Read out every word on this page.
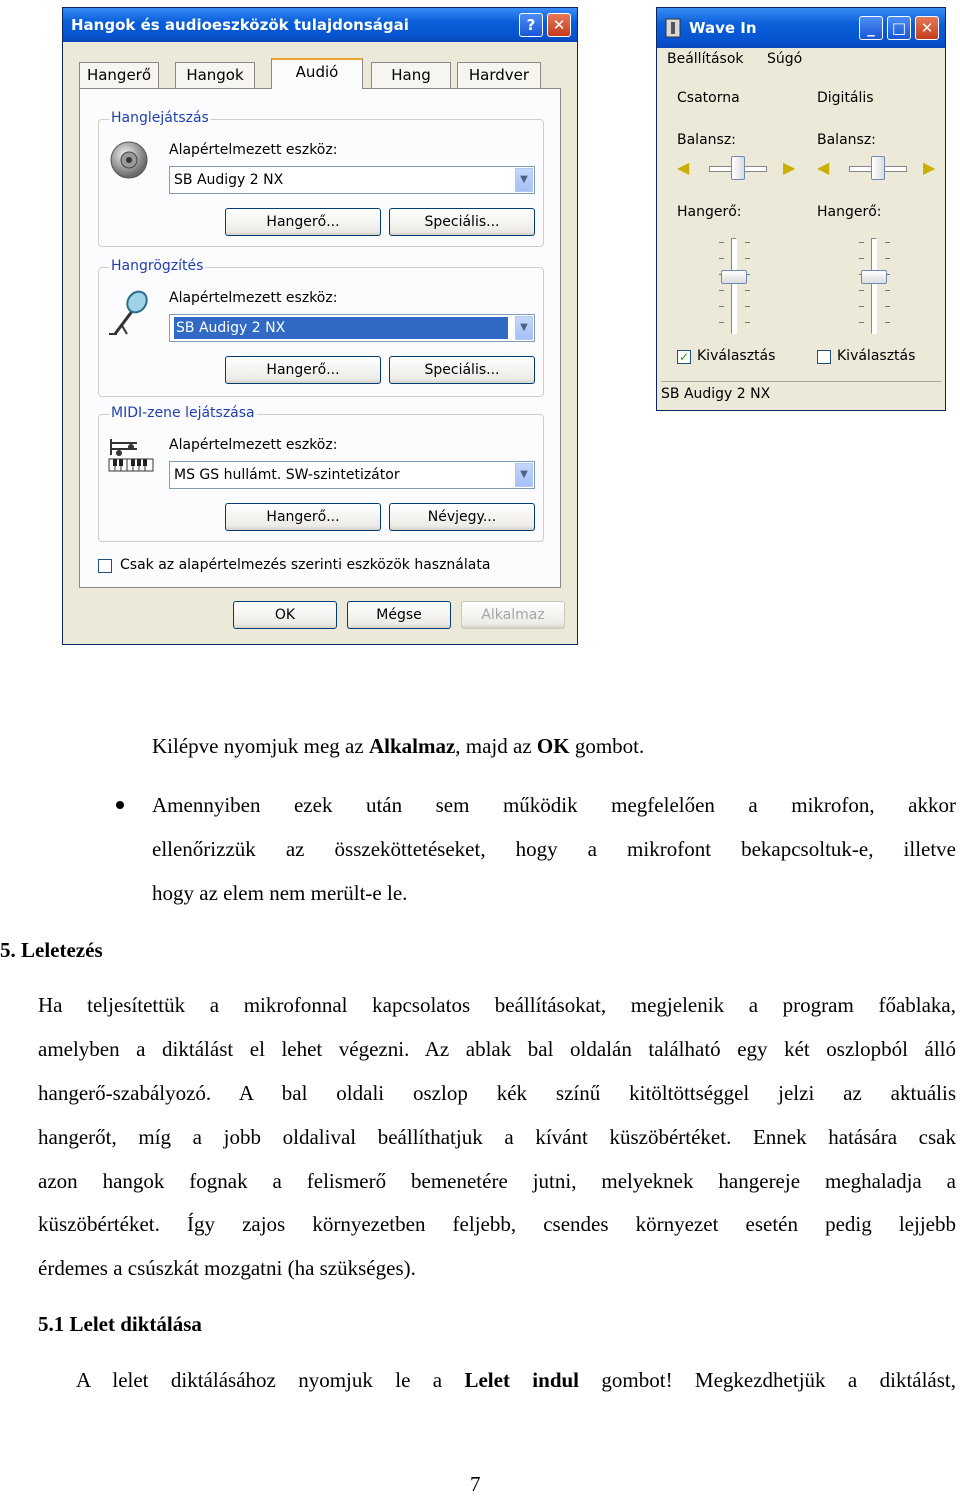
Hangok és audioeszközök tulajdonságai	?	✕
Hangerő	Hangok	Audió	Hang	Hardver
Hanglejátszás
Alapértelmezett eszköz:
SB Audigy 2 NX	▼
Hangerő...	Speciális...
Hangrögzítés
Alapértelmezett eszköz:
SB Audigy 2 NX	▼
Hangerő...	Speciális...
MIDI-zene lejátszása
Alapértelmezett eszköz:
MS GS hullámt. SW-szintetizátor	▼
Hangerő...	Névjegy...
Csak az alapértelmezés szerinti eszközök használata
OK	Mégse	Alkalmaz
Wave In	_	□ ✕
Beállítások Súgó
Csatorna
Balansz:
◀	▶
Hangerő:
✓ Kiválasztás
Digitális
Balansz:
◀	▶
Hangerő:
Kiválasztás
SB Audigy 2 NX
Kilépve nyomjuk meg az Alkalmaz, majd az OK gombot.
Amennyiben ezek után sem működik megfelelően a mikrofon, akkor
ellenőrizzük az összeköttetéseket, hogy a mikrofont bekapcsoltuk-e, illetve
hogy az elem nem merült-e le.
5. Leletezés
Ha teljesítettük a mikrofonnal kapcsolatos beállításokat, megjelenik a program főablaka,
amelyben a diktálást el lehet végezni. Az ablak bal oldalán található egy két oszlopból álló
hangerő-szabályozó. A bal oldali oszlop kék színű kitöltöttséggel jelzi az aktuális
hangerőt, míg a jobb oldalival beállíthatjuk a kívánt küszöbértéket. Ennek hatására csak
azon hangok fognak a felismerő bemenetére jutni, melyeknek hangereje meghaladja a
küszöbértéket. Így zajos környezetben feljebb, csendes környezet esetén pedig lejjebb
érdemes a csúszkát mozgatni (ha szükséges).
5.1 Lelet diktálása
A lelet diktálásához nyomjuk le a Lelet indul gombot! Megkezdhetjük a diktálást,
7
